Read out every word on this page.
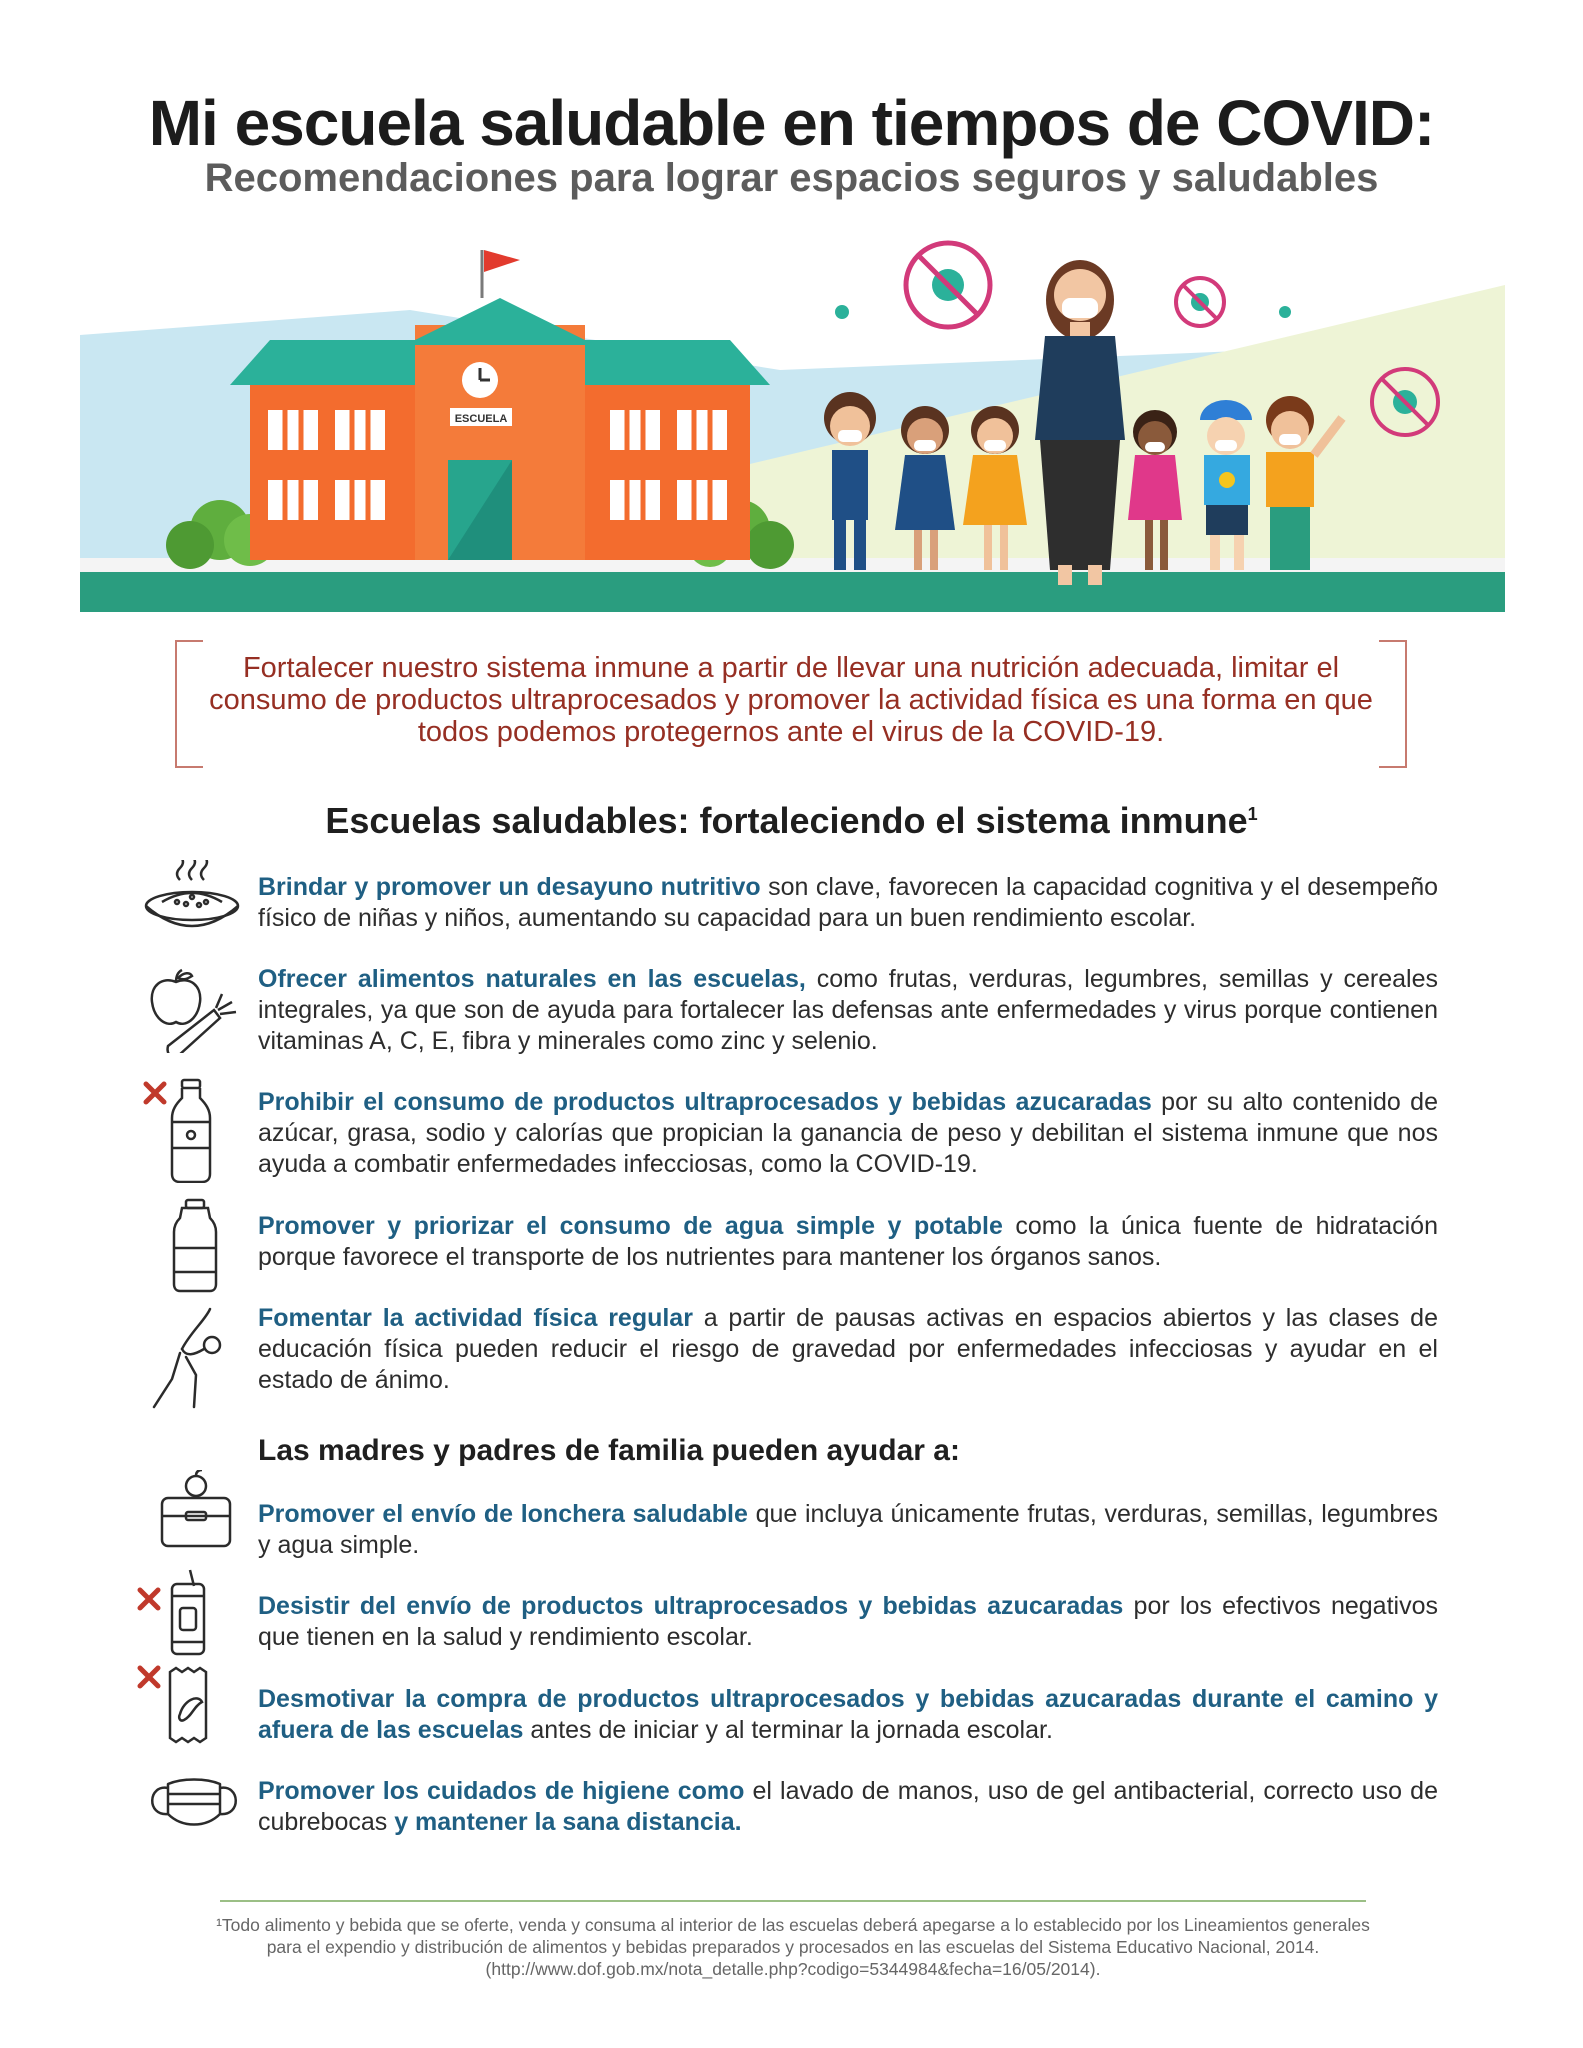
Mi escuela saludable en tiempos de COVID:
Recomendaciones para lograr espacios seguros y saludables
ESCUELA
Fortalecer nuestro sistema inmune a partir de llevar una nutrición adecuada, limitar el consumo de productos ultraprocesados y promover la actividad física es una forma en que todos podemos protegernos ante el virus de la COVID-19.
Escuelas saludables: fortaleciendo el sistema inmune$^1$
Brindar y promover un desayuno nutritivo son clave, favorecen la capacidad cognitiva y el desempeño físico de niñas y niños, aumentando su capacidad para un buen rendimiento escolar.
Ofrecer alimentos naturales en las escuelas, como frutas, verduras, legumbres, semillas y cereales integrales, ya que son de ayuda para fortalecer las defensas ante enfermedades y virus porque contienen vitaminas A, C, E, fibra y minerales como zinc y selenio.
Prohibir el consumo de productos ultraprocesados y bebidas azucaradas por su alto contenido de azúcar, grasa, sodio y calorías que propician la ganancia de peso y debilitan el sistema inmune que nos ayuda a combatir enfermedades infecciosas, como la COVID-19.
Promover y priorizar el consumo de agua simple y potable como la única fuente de hidratación porque favorece el transporte de los nutrientes para mantener los órganos sanos.
Fomentar la actividad física regular a partir de pausas activas en espacios abiertos y las clases de educación física pueden reducir el riesgo de gravedad por enfermedades infecciosas y ayudar en el estado de ánimo.
Las madres y padres de familia pueden ayudar a:
Promover el envío de lonchera saludable que incluya únicamente frutas, verduras, semillas, legumbres y agua simple.
Desistir del envío de productos ultraprocesados y bebidas azucaradas por los efectivos negativos que tienen en la salud y rendimiento escolar.
Desmotivar la compra de productos ultraprocesados y bebidas azucaradas durante el camino y afuera de las escuelas antes de iniciar y al terminar la jornada escolar.
Promover los cuidados de higiene como el lavado de manos, uso de gel antibacterial, correcto uso de cubrebocas y mantener la sana distancia.
¹Todo alimento y bebida que se oferte, venda y consuma al interior de las escuelas deberá apegarse a lo establecido por los Lineamientos generales para el expendio y distribución de alimentos y bebidas preparados y procesados en las escuelas del Sistema Educativo Nacional, 2014. (http://www.dof.gob.mx/nota_detalle.php?codigo=5344984&fecha=16/05/2014).
